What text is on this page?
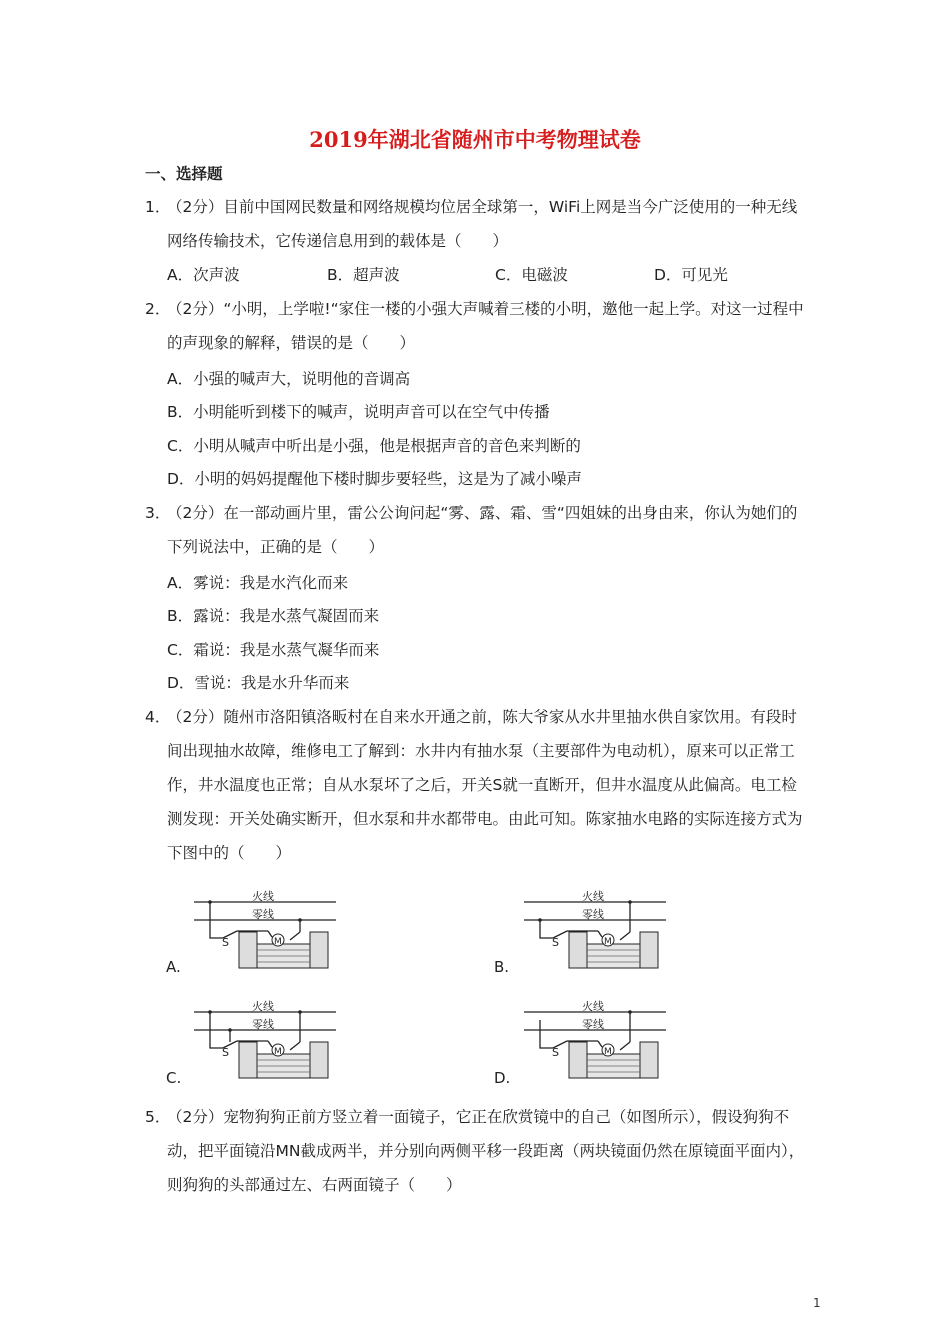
2019年湖北省随州市中考物理试卷
一、选择题
1．
（2分）目前中国网民数量和网络规模均位居全球第一，WiFi上网是当今广泛使用的一种无线网络传输技术，它传递信息用到的载体是（　　）
A．次声波	B．超声波	C．电磁波	D．可见光
2．
（2分）“小明，上学啦!“家住一楼的小强大声喊着三楼的小明，邀他一起上学。对这一过程中的声现象的解释，错误的是（　　）
A．小强的喊声大，说明他的音调高
B．小明能听到楼下的喊声，说明声音可以在空气中传播
C．小明从喊声中听出是小强，他是根据声音的音色来判断的
D．小明的妈妈提醒他下楼时脚步要轻些，这是为了减小噪声
3．
（2分）在一部动画片里，雷公公询问起“雾、露、霜、雪“四姐妹的出身由来，你认为她们的下列说法中，正确的是（　　）
A．雾说：我是水汽化而来
B．露说：我是水蒸气凝固而来
C．霜说：我是水蒸气凝华而来
D．雪说：我是水升华而来
4．
（2分）随州市洛阳镇洛畈村在自来水开通之前，陈大爷家从水井里抽水供自家饮用。有段时间出现抽水故障，维修电工了解到：水井内有抽水泵（主要部件为电动机），原来可以正常工作，井水温度也正常；自从水泵坏了之后，开关S就一直断开，但井水温度从此偏高。电工检测发现：开关处确实断开，但水泵和井水都带电。由此可知。陈家抽水电路的实际连接方式为下图中的（　　）
A.
火线
零线
S	M
B.
火线
零线
S	M
C.
火线
零线
S	M
D.
火线
零线
S	M
5．
（2分）宠物狗狗正前方竖立着一面镜子，它正在欣赏镜中的自己（如图所示），假设狗狗不动，把平面镜沿MN截成两半，并分别向两侧平移一段距离（两块镜面仍然在原镜面平面内），则狗狗的头部通过左、右两面镜子（　　）
1
